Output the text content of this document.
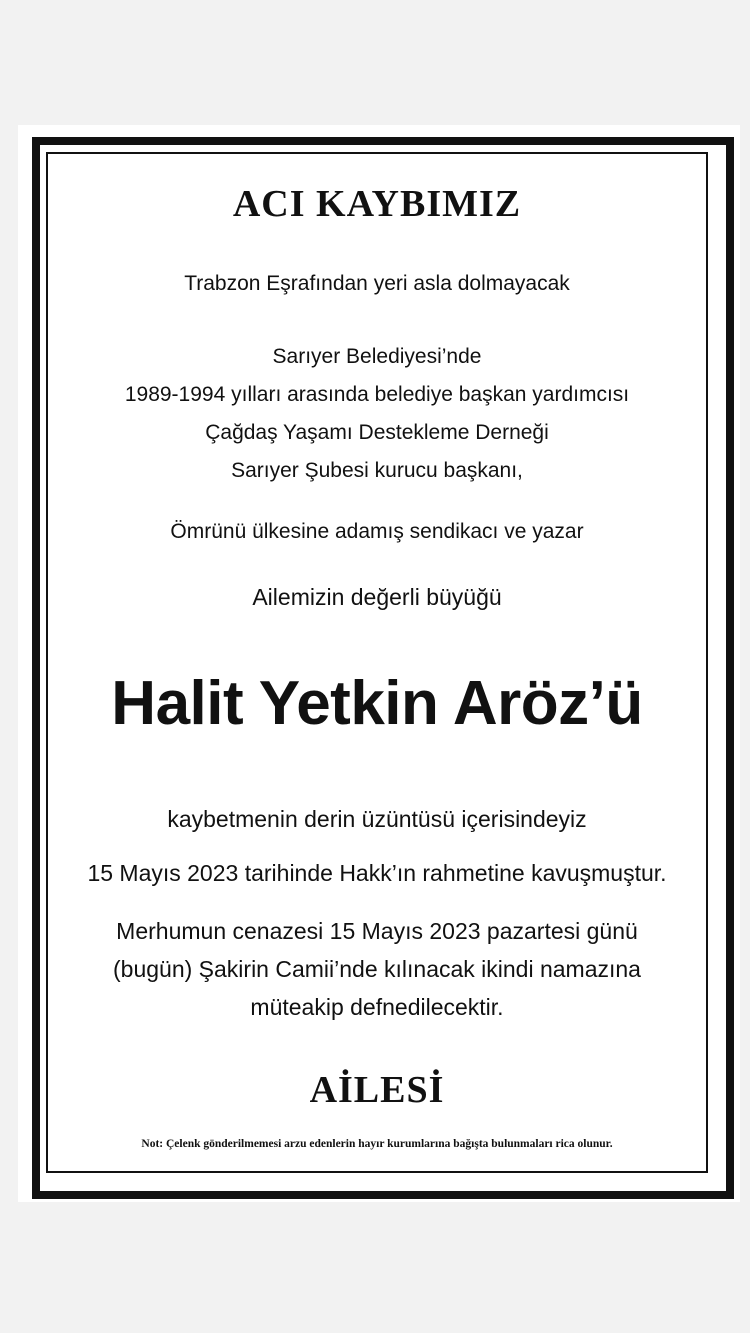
ACI KAYBIMIZ

Trabzon Eşrafından yeri asla dolmayacak

Sarıyer Belediyesi’nde
1989-1994 yılları arasında belediye başkan yardımcısı
Çağdaş Yaşamı Destekleme Derneği
Sarıyer Şubesi kurucu başkanı,

Ömrünü ülkesine adamış sendikacı ve yazar

Ailemizin değerli büyüğü

Halit Yetkin Aröz’ü

kaybetmenin derin üzüntüsü içerisindeyiz

15 Mayıs 2023 tarihinde Hakk’ın rahmetine kavuşmuştur.

Merhumun cenazesi 15 Mayıs 2023 pazartesi günü
(bugün) Şakirin Camii’nde kılınacak ikindi namazına
müteakip defnedilecektir.

AİLESİ

Not: Çelenk gönderilmemesi arzu edenlerin hayır kurumlarına bağışta bulunmaları rica olunur.
